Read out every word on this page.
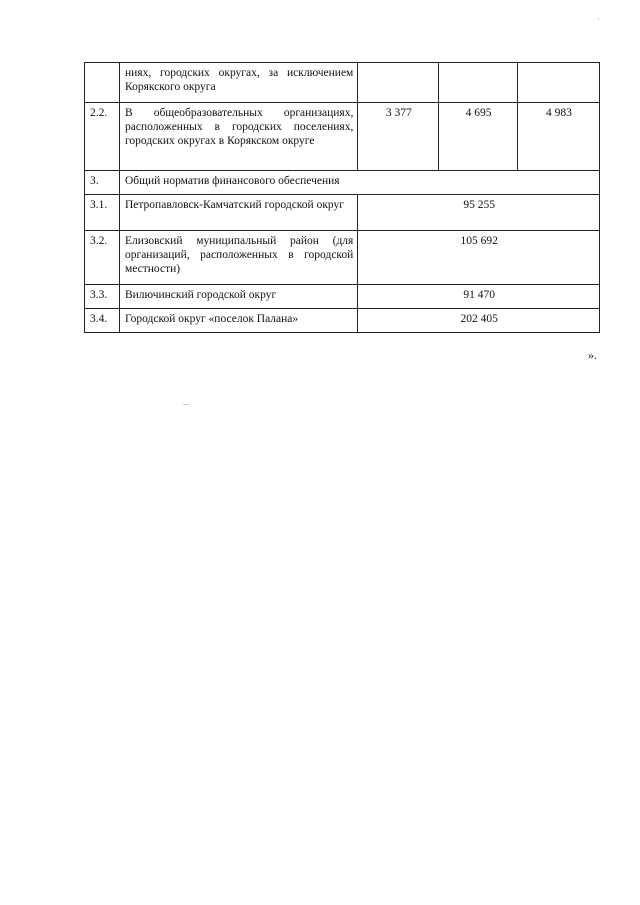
	ниях, городских округах, за исключением Корякского округа			
2.2.	В общеобразовательных организациях, расположенных в городских поселениях, городских округах в Корякском округе	3 377	4 695	4 983
3.	Общий норматив финансового обеспечения			
3.1.	Петропавловск-Камчатский городской округ	95 255		
3.2.	Елизовский муниципальный район (для организаций, расположенных в городской местности)	105 692		
3.3.	Вилючинский городской округ	91 470		
3.4.	Городской округ «поселок Палана»	202 405		
».
